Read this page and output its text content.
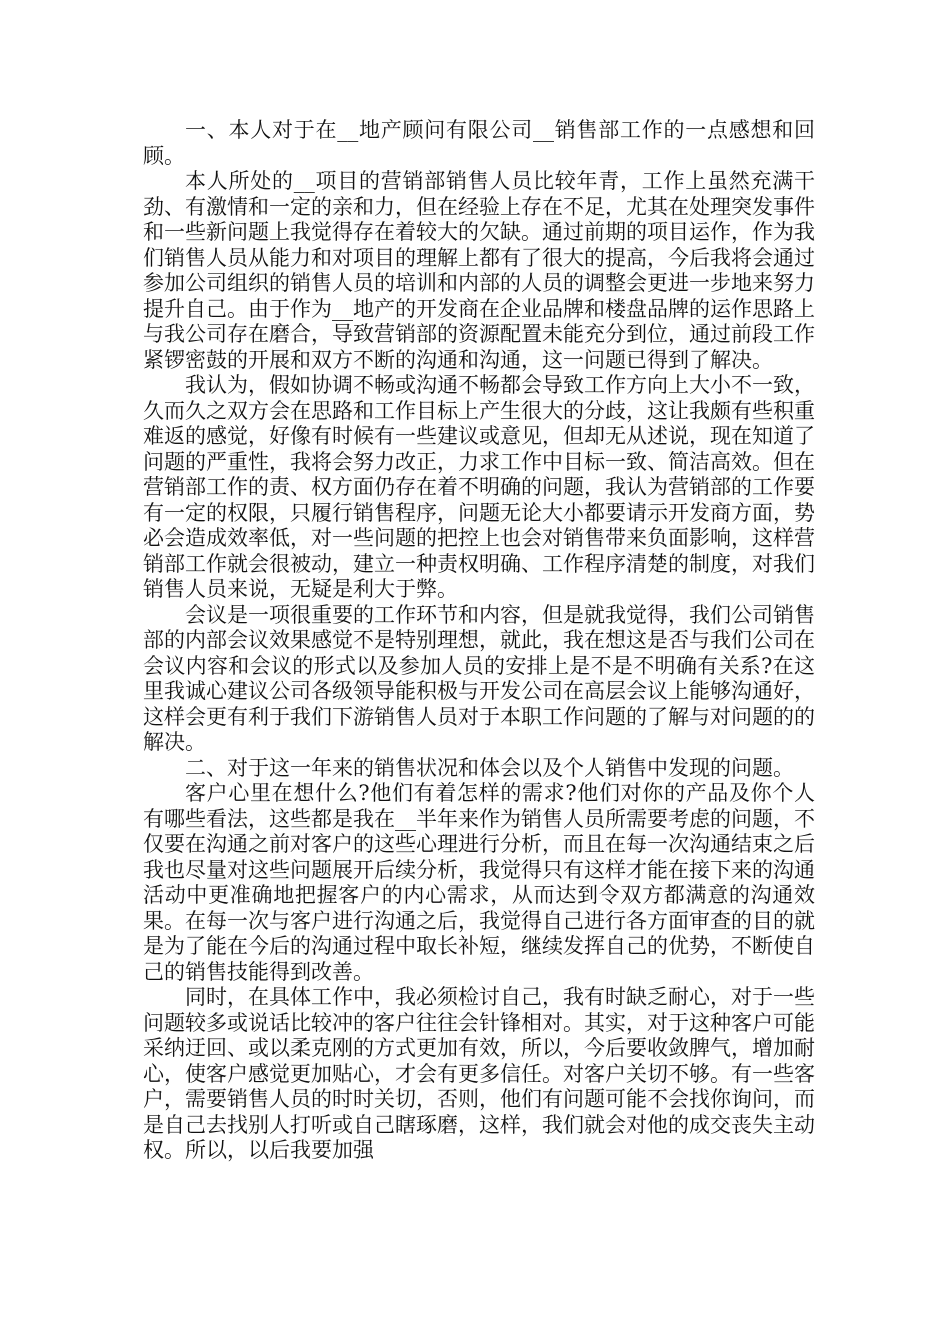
一、本人对于在__地产顾问有限公司__销售部工作的一点感想和回顾。

本人所处的__项目的营销部销售人员比较年青，工作上虽然充满干劲、有激情和一定的亲和力，但在经验上存在不足，尤其在处理突发事件和一些新问题上我觉得存在着较大的欠缺。通过前期的项目运作，作为我们销售人员从能力和对项目的理解上都有了很大的提高，今后我将会通过参加公司组织的销售人员的培训和内部的人员的调整会更进一步地来努力提升自己。由于作为__地产的开发商在企业品牌和楼盘品牌的运作思路上与我公司存在磨合，导致营销部的资源配置未能充分到位，通过前段工作紧锣密鼓的开展和双方不断的沟通和沟通，这一问题已得到了解决。

我认为，假如协调不畅或沟通不畅都会导致工作方向上大小不一致，久而久之双方会在思路和工作目标上产生很大的分歧，这让我颇有些积重难返的感觉，好像有时候有一些建议或意见，但却无从述说，现在知道了问题的严重性，我将会努力改正，力求工作中目标一致、简洁高效。但在营销部工作的责、权方面仍存在着不明确的问题，我认为营销部的工作要有一定的权限，只履行销售程序，问题无论大小都要请示开发商方面，势必会造成效率低，对一些问题的把控上也会对销售带来负面影响，这样营销部工作就会很被动，建立一种责权明确、工作程序清楚的制度，对我们销售人员来说，无疑是利大于弊。

会议是一项很重要的工作环节和内容，但是就我觉得，我们公司销售部的内部会议效果感觉不是特别理想，就此，我在想这是否与我们公司在会议内容和会议的形式以及参加人员的安排上是不是不明确有关系?在这里我诚心建议公司各级领导能积极与开发公司在高层会议上能够沟通好，这样会更有利于我们下游销售人员对于本职工作问题的了解与对问题的的解决。

二、对于这一年来的销售状况和体会以及个人销售中发现的问题。

客户心里在想什么?他们有着怎样的需求?他们对你的产品及你个人有哪些看法，这些都是我在__半年来作为销售人员所需要考虑的问题，不仅要在沟通之前对客户的这些心理进行分析，而且在每一次沟通结束之后我也尽量对这些问题展开后续分析，我觉得只有这样才能在接下来的沟通活动中更准确地把握客户的内心需求，从而达到令双方都满意的沟通效果。在每一次与客户进行沟通之后，我觉得自己进行各方面审查的目的就是为了能在今后的沟通过程中取长补短，继续发挥自己的优势，不断使自己的销售技能得到改善。

同时，在具体工作中，我必须检讨自己，我有时缺乏耐心，对于一些问题较多或说话比较冲的客户往往会针锋相对。其实，对于这种客户可能采纳迂回、或以柔克刚的方式更加有效，所以，今后要收敛脾气，增加耐心，使客户感觉更加贴心，才会有更多信任。对客户关切不够。有一些客户，需要销售人员的时时关切，否则，他们有问题可能不会找你询问，而是自己去找别人打听或自己瞎琢磨，这样，我们就会对他的成交丧失主动权。所以，以后我要加强
